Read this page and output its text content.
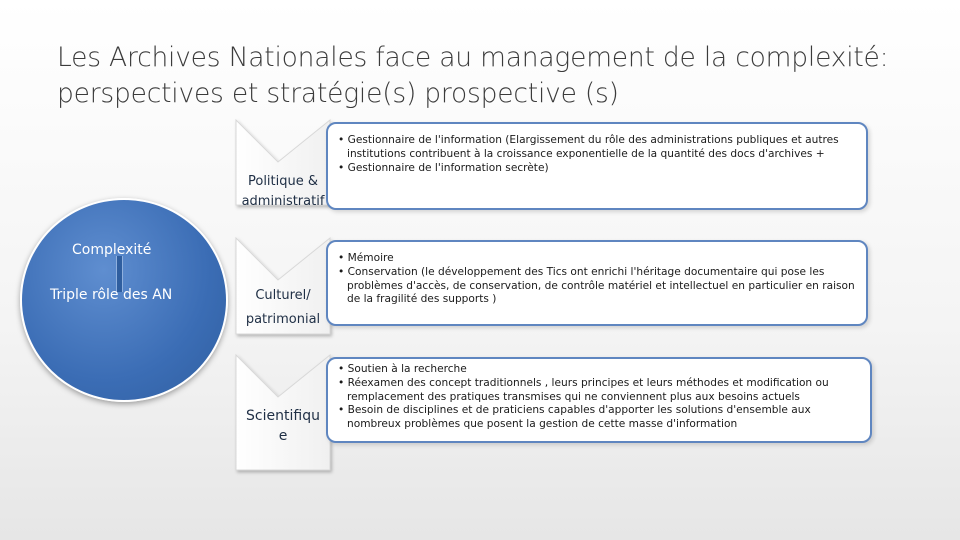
Les Archives Nationales face au management de la complexité:
perspectives et stratégie(s) prospective (s)
Complexité
Triple rôle des AN
Politique &
administratif
Culturel/
patrimonial
Scientifiqu
e
• Gestionnaire de l'information (Elargissement du rôle des administrations publiques et autres institutions contribuent à la croissance exponentielle de la quantité des docs d'archives +
• Gestionnaire de l'information secrète)
• Mémoire
• Conservation (le développement des Tics ont enrichi l'héritage documentaire qui pose les problèmes d'accès, de conservation, de contrôle matériel et intellectuel en particulier en raison de la fragilité des supports )
• Soutien à la recherche
• Réexamen des concept traditionnels , leurs principes et leurs méthodes et modification ou remplacement des pratiques transmises qui ne conviennent plus aux besoins actuels
• Besoin de disciplines et de praticiens capables d'apporter les solutions d'ensemble aux nombreux problèmes que posent la gestion de cette masse d'information
